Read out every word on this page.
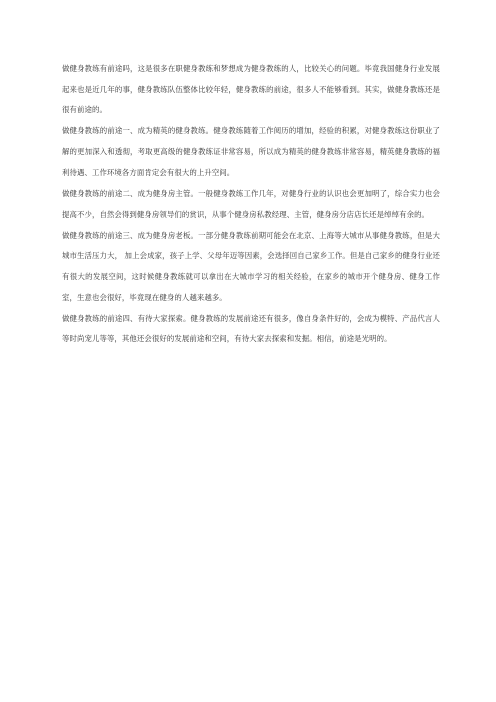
做健身教练有前途吗，这是很多在职健身教练和梦想成为健身教练的人，比较关心的问题。毕竟我国健身行业发展起来也是近几年的事，健身教练队伍整体比较年轻，健身教练的前途，很多人不能够看到。其实，做健身教练还是很有前途的。

做健身教练的前途一、成为精英的健身教练。健身教练随着工作阅历的增加，经验的积累，对健身教练这份职业了解的更加深入和透彻，考取更高级的健身教练证非常容易，所以成为精英的健身教练非常容易，精英健身教练的福利待遇、工作环境各方面肯定会有很大的上升空间。

做健身教练的前途二、成为健身房主管。一般健身教练工作几年，对健身行业的认识也会更加明了，综合实力也会提高不少，自然会得到健身房领导们的赏识，从事个健身房私教经理、主管，健身房分店店长还是绰绰有余的。

做健身教练的前途三、成为健身房老板。一部分健身教练前期可能会在北京、上海等大城市从事健身教练，但是大城市生活压力大， 加上会成家，孩子上学、父母年迈等因素，会选择回自己家乡工作。但是自己家乡的健身行业还有很大的发展空间，这时候健身教练就可以拿出在大城市学习的相关经验，在家乡的城市开个健身房、健身工作室，生意也会很好，毕竟现在健身的人越来越多。

做健身教练的前途四、有待大家探索。健身教练的发展前途还有很多，像自身条件好的，会成为模特、产品代言人等时尚宠儿等等，其他还会很好的发展前途和空间，有待大家去探索和发掘。相信，前途是光明的。
